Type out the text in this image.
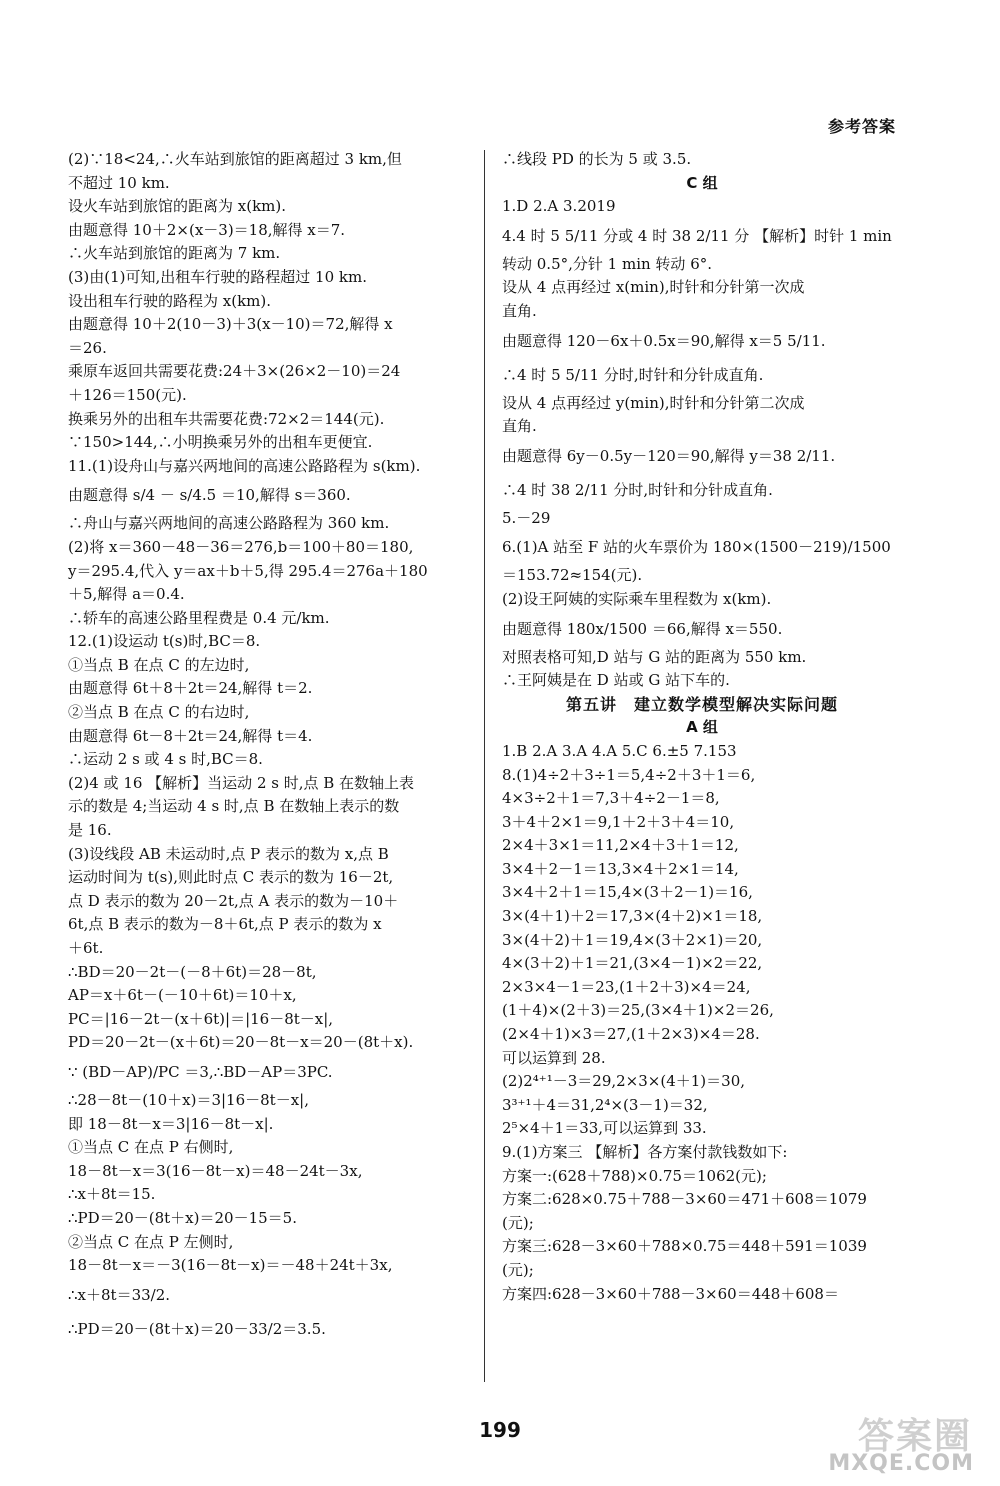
参考答案
(2)∵18<24,∴火车站到旅馆的距离超过 3 km,但
不超过 10 km.
设火车站到旅馆的距离为 x(km).
由题意得 10＋2×(x－3)＝18,解得 x＝7.
∴火车站到旅馆的距离为 7 km.
(3)由(1)可知,出租车行驶的路程超过 10 km.
设出租车行驶的路程为 x(km).
由题意得 10＋2(10－3)＋3(x－10)＝72,解得 x
＝26.
乘原车返回共需要花费:24＋3×(26×2－10)＝24
＋126＝150(元).
换乘另外的出租车共需要花费:72×2＝144(元).
∵150>144,∴小明换乘另外的出租车更便宜.
11.(1)设舟山与嘉兴两地间的高速公路路程为 s(km).
由题意得 s/4 － s/4.5 ＝10,解得 s＝360.
∴舟山与嘉兴两地间的高速公路路程为 360 km.
(2)将 x＝360－48－36＝276,b＝100＋80＝180,
y＝295.4,代入 y＝ax＋b＋5,得 295.4＝276a＋180
＋5,解得 a＝0.4.
∴轿车的高速公路里程费是 0.4 元/km.
12.(1)设运动 t(s)时,BC＝8.
①当点 B 在点 C 的左边时,
由题意得 6t＋8＋2t＝24,解得 t＝2.
②当点 B 在点 C 的右边时,
由题意得 6t－8＋2t＝24,解得 t＝4.
∴运动 2 s 或 4 s 时,BC＝8.
(2)4 或 16 【解析】当运动 2 s 时,点 B 在数轴上表
示的数是 4;当运动 4 s 时,点 B 在数轴上表示的数
是 16.
(3)设线段 AB 未运动时,点 P 表示的数为 x,点 B
运动时间为 t(s),则此时点 C 表示的数为 16－2t,
点 D 表示的数为 20－2t,点 A 表示的数为－10＋
6t,点 B 表示的数为－8＋6t,点 P 表示的数为 x
＋6t.
∴BD＝20－2t－(－8＋6t)＝28－8t,
AP＝x＋6t－(－10＋6t)＝10＋x,
PC＝|16－2t－(x＋6t)|＝|16－8t－x|,
PD＝20－2t－(x＋6t)＝20－8t－x＝20－(8t＋x).
∵ (BD－AP)/PC ＝3,∴BD－AP＝3PC.
∴28－8t－(10＋x)＝3|16－8t－x|,
即 18－8t－x＝3|16－8t－x|.
①当点 C 在点 P 右侧时,
18－8t－x＝3(16－8t－x)＝48－24t－3x,
∴x＋8t＝15.
∴PD＝20－(8t＋x)＝20－15＝5.
②当点 C 在点 P 左侧时,
18－8t－x＝－3(16－8t－x)＝－48＋24t＋3x,
∴x＋8t＝33/2.
∴PD＝20－(8t＋x)＝20－33/2＝3.5.
∴线段 PD 的长为 5 或 3.5.
C 组
1.D 2.A 3.2019
4.4 时 5 5/11 分或 4 时 38 2/11 分 【解析】时针 1 min
转动 0.5°,分针 1 min 转动 6°.
设从 4 点再经过 x(min),时针和分针第一次成
直角.
由题意得 120－6x＋0.5x＝90,解得 x＝5 5/11.
∴4 时 5 5/11 分时,时针和分针成直角.
设从 4 点再经过 y(min),时针和分针第二次成
直角.
由题意得 6y－0.5y－120＝90,解得 y＝38 2/11.
∴4 时 38 2/11 分时,时针和分针成直角.
5.－29
6.(1)A 站至 F 站的火车票价为 180×(1500－219)/1500
＝153.72≈154(元).
(2)设王阿姨的实际乘车里程数为 x(km).
由题意得 180x/1500 ＝66,解得 x＝550.
对照表格可知,D 站与 G 站的距离为 550 km.
∴王阿姨是在 D 站或 G 站下车的.
第五讲　建立数学模型解决实际问题
A 组
1.B 2.A 3.A 4.A 5.C 6.±5 7.153
8.(1)4÷2＋3÷1＝5,4÷2＋3＋1＝6,
4×3÷2＋1＝7,3＋4÷2－1＝8,
3＋4＋2×1＝9,1＋2＋3＋4＝10,
2×4＋3×1＝11,2×4＋3＋1＝12,
3×4＋2－1＝13,3×4＋2×1＝14,
3×4＋2＋1＝15,4×(3＋2－1)＝16,
3×(4＋1)＋2＝17,3×(4＋2)×1＝18,
3×(4＋2)＋1＝19,4×(3＋2×1)＝20,
4×(3＋2)＋1＝21,(3×4－1)×2＝22,
2×3×4－1＝23,(1＋2＋3)×4＝24,
(1＋4)×(2＋3)＝25,(3×4＋1)×2＝26,
(2×4＋1)×3＝27,(1＋2×3)×4＝28.
可以运算到 28.
(2)2⁴⁺¹－3＝29,2×3×(4＋1)＝30,
3³⁺¹＋4＝31,2⁴×(3－1)＝32,
2⁵×4＋1＝33,可以运算到 33.
9.(1)方案三 【解析】各方案付款钱数如下:
方案一:(628＋788)×0.75＝1062(元);
方案二:628×0.75＋788－3×60＝471＋608＝1079
(元);
方案三:628－3×60＋788×0.75＝448＋591＝1039
(元);
方案四:628－3×60＋788－3×60＝448＋608＝
199	答案圈
MXQE.COM
